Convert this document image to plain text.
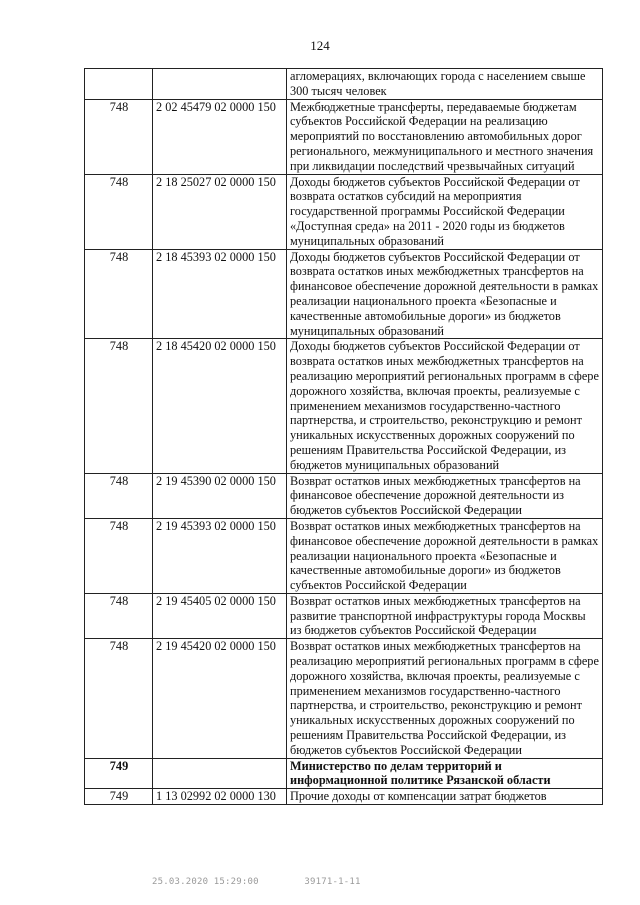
124
		агломерациях, включающих города с населением свыше 300 тысяч человек
748	2 02 45479 02 0000 150	Межбюджетные трансферты, передаваемые бюджетам субъектов Российской Федерации на реализацию мероприятий по восстановлению автомобильных дорог регионального, межмуниципального и местного значения при ликвидации последствий чрезвычайных ситуаций
748	2 18 25027 02 0000 150	Доходы бюджетов субъектов Российской Федерации от возврата остатков субсидий на мероприятия государственной программы Российской Федерации «Доступная среда» на 2011 - 2020 годы из бюджетов муниципальных образований
748	2 18 45393 02 0000 150	Доходы бюджетов субъектов Российской Федерации от возврата остатков иных межбюджетных трансфертов на финансовое обеспечение дорожной деятельности в рамках реализации национального проекта «Безопасные и качественные автомобильные дороги» из бюджетов муниципальных образований
748	2 18 45420 02 0000 150	Доходы бюджетов субъектов Российской Федерации от возврата остатков иных межбюджетных трансфертов на реализацию мероприятий региональных программ в сфере дорожного хозяйства, включая проекты, реализуемые с применением механизмов государственно-частного партнерства, и строительство, реконструкцию и ремонт уникальных искусственных дорожных сооружений по решениям Правительства Российской Федерации, из бюджетов муниципальных образований
748	2 19 45390 02 0000 150	Возврат остатков иных межбюджетных трансфертов на финансовое обеспечение дорожной деятельности из бюджетов субъектов Российской Федерации
748	2 19 45393 02 0000 150	Возврат остатков иных межбюджетных трансфертов на финансовое обеспечение дорожной деятельности в рамках реализации национального проекта «Безопасные и качественные автомобильные дороги» из бюджетов субъектов Российской Федерации
748	2 19 45405 02 0000 150	Возврат остатков иных межбюджетных трансфертов на развитие транспортной инфраструктуры города Москвы из бюджетов субъектов Российской Федерации
748	2 19 45420 02 0000 150	Возврат остатков иных межбюджетных трансфертов на реализацию мероприятий региональных программ в сфере дорожного хозяйства, включая проекты, реализуемые с применением механизмов государственно-частного партнерства, и строительство, реконструкцию и ремонт уникальных искусственных дорожных сооружений по решениям Правительства Российской Федерации, из бюджетов субъектов Российской Федерации
749		Министерство по делам территорий и информационной политике Рязанской области
749	1 13 02992 02 0000 130	Прочие доходы от компенсации затрат бюджетов
25.03.2020 15:29:00	39171-1-11
